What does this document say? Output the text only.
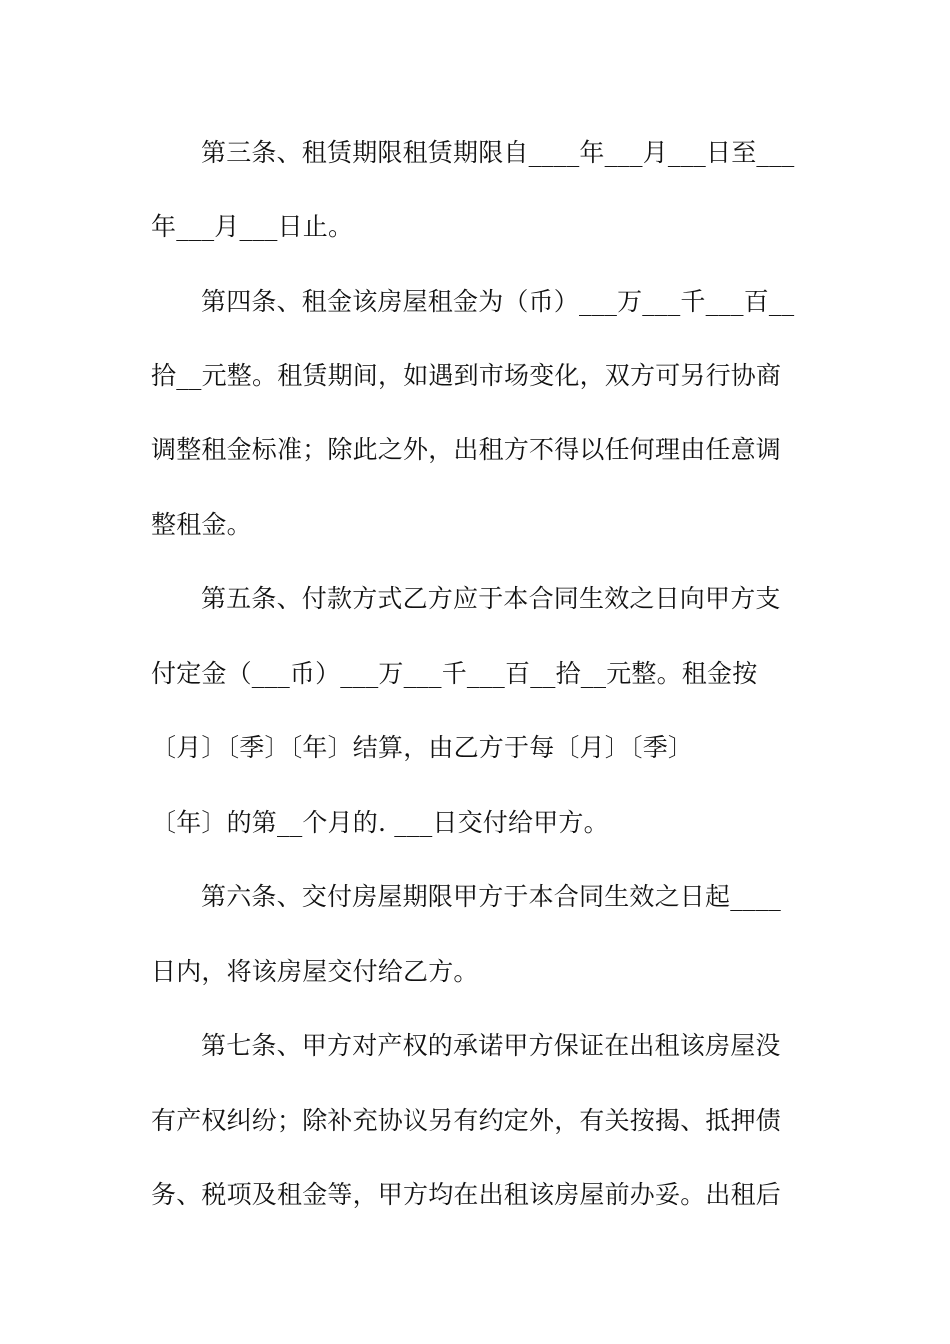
第三条、租赁期限租赁期限自____年___月___日至___
年___月___日止。
第四条、租金该房屋租金为（币）___万___千___百__
拾__元整。租赁期间，如遇到市场变化，双方可另行协商
调整租金标准；除此之外，出租方不得以任何理由任意调
整租金。
第五条、付款方式乙方应于本合同生效之日向甲方支
付定金（___币）___万___千___百__拾__元整。租金按
〔月〕〔季〕〔年〕结算，由乙方于每〔月〕〔季〕
〔年〕的第__个月的. ___日交付给甲方。
第六条、交付房屋期限甲方于本合同生效之日起____
日内，将该房屋交付给乙方。
第七条、甲方对产权的承诺甲方保证在出租该房屋没
有产权纠纷；除补充协议另有约定外，有关按揭、抵押债
务、税项及租金等，甲方均在出租该房屋前办妥。出租后
